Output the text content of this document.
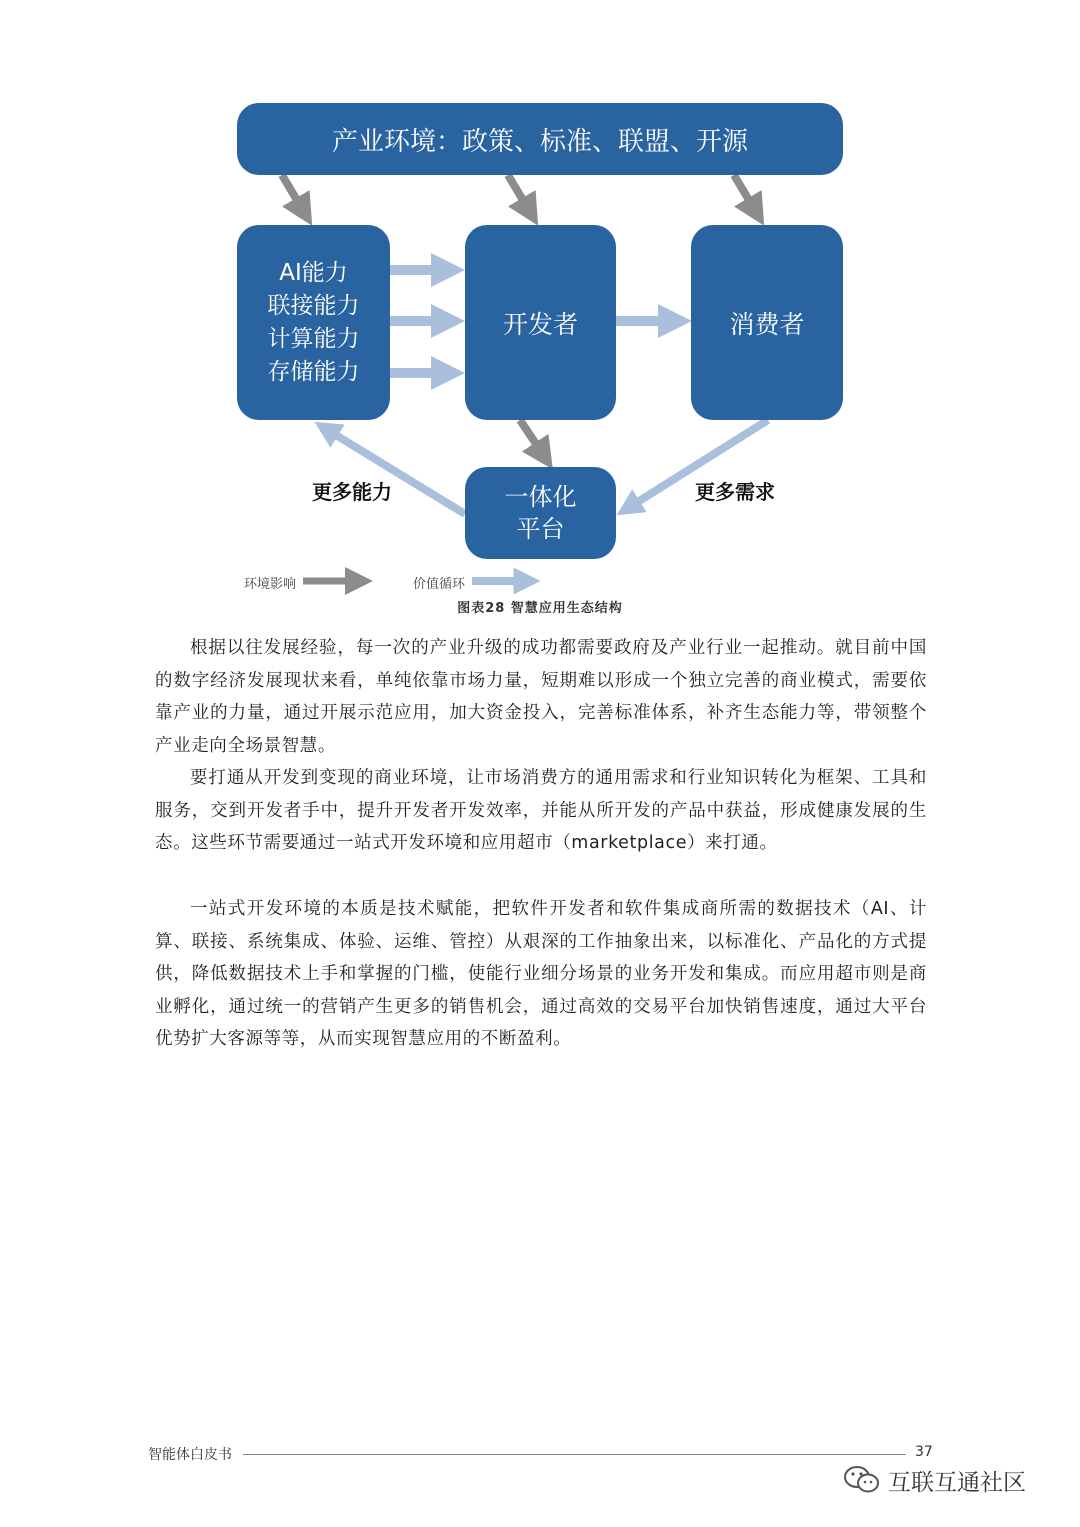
产业环境：政策、标准、联盟、开源
AI能力
联接能力
计算能力
存储能力
开发者	消费者
一体化
平台
更多能力	更多需求
环境影响	价值循环
图表28 智慧应用生态结构

根据以往发展经验，每一次的产业升级的成功都需要政府及产业行业一起推动。就目前中国的数字经济发展现状来看，单纯依靠市场力量，短期难以形成一个独立完善的商业模式，需要依靠产业的力量，通过开展示范应用，加大资金投入，完善标准体系，补齐生态能力等，带领整个产业走向全场景智慧。

要打通从开发到变现的商业环境，让市场消费方的通用需求和行业知识转化为框架、工具和服务，交到开发者手中，提升开发者开发效率，并能从所开发的产品中获益，形成健康发展的生态。这些环节需要通过一站式开发环境和应用超市（marketplace）来打通。

一站式开发环境的本质是技术赋能，把软件开发者和软件集成商所需的数据技术（AI、计算、联接、系统集成、体验、运维、管控）从艰深的工作抽象出来，以标准化、产品化的方式提供，降低数据技术上手和掌握的门槛，使能行业细分场景的业务开发和集成。而应用超市则是商业孵化，通过统一的营销产生更多的销售机会，通过高效的交易平台加快销售速度，通过大平台优势扩大客源等等，从而实现智慧应用的不断盈利。

智能体白皮书	37
互联互通社区
